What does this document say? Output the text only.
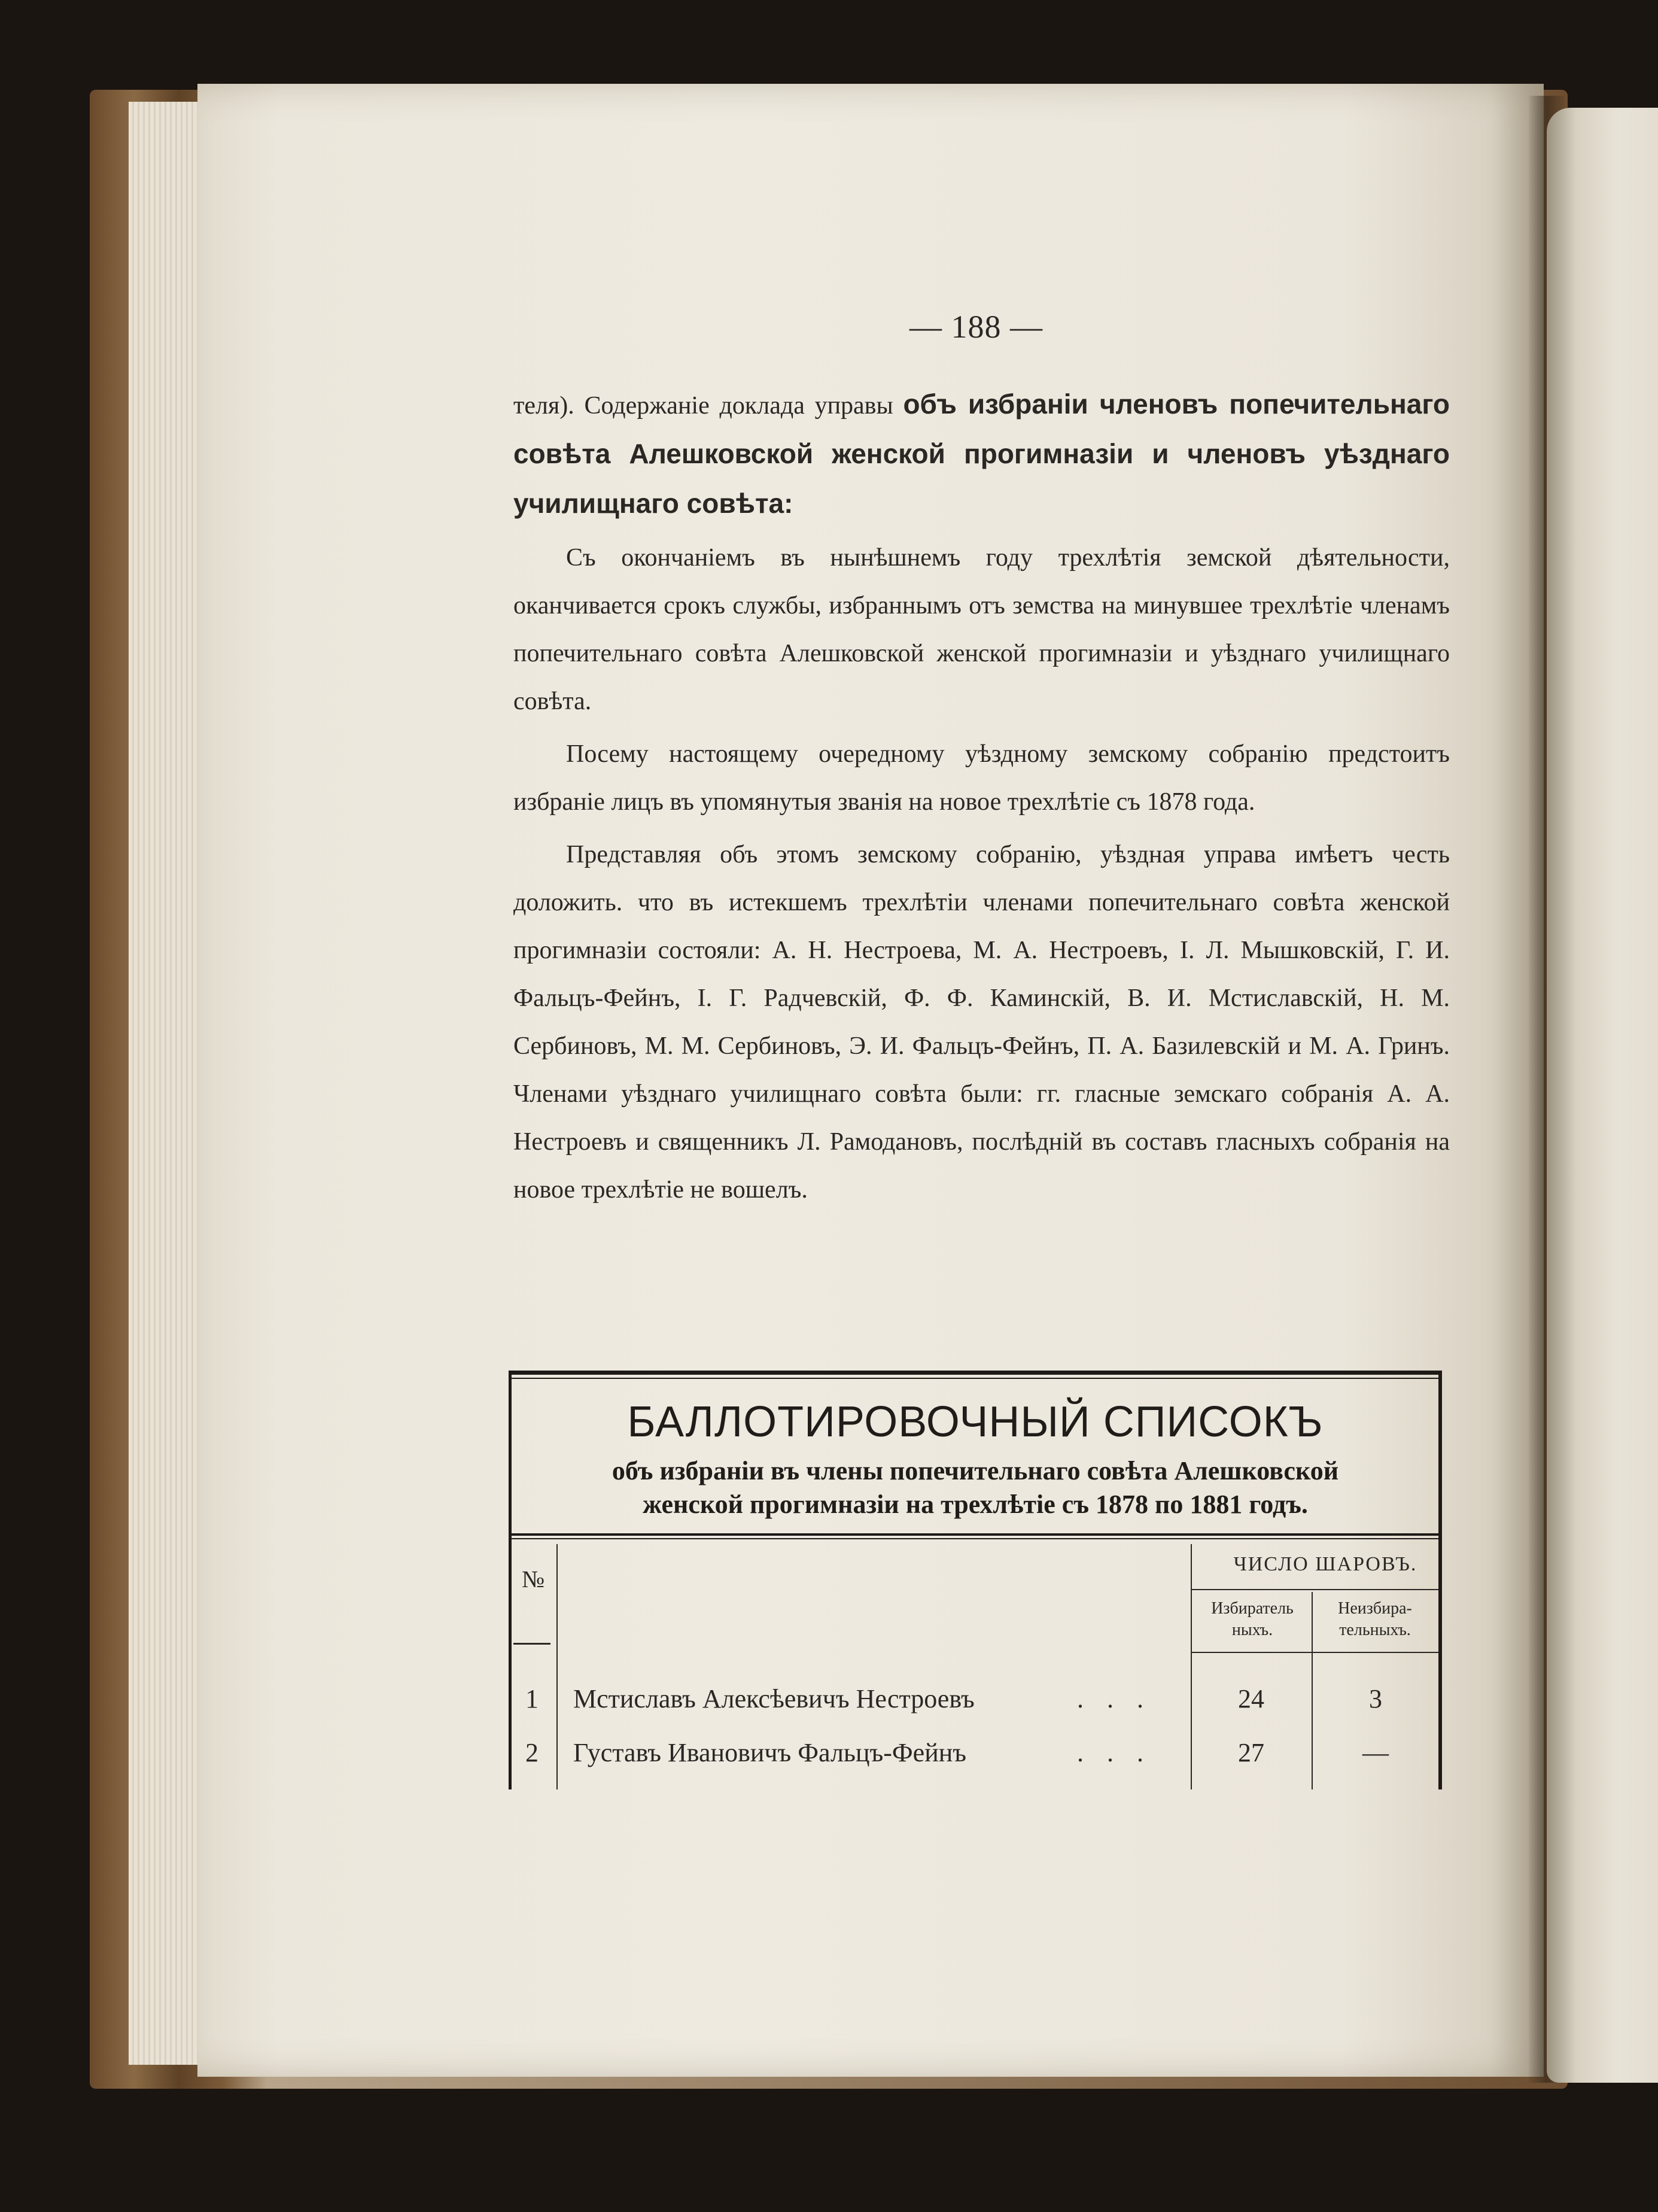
— 188 —

теля). Содержаніе доклада управы объ избраніи членовъ попечительнаго совѣта Алешковской женской прогимназіи и членовъ уѣзднаго училищнаго совѣта:

Съ окончаніемъ въ нынѣшнемъ году трехлѣтія земской дѣятельности, оканчивается срокъ службы, избраннымъ отъ земства на минувшее трехлѣтіе членамъ попечительнаго совѣта Алешковской женской прогимназіи и уѣзднаго училищнаго совѣта.

Посему настоящему очередному уѣздному земскому собранію предстоитъ избраніе лицъ въ упомянутыя званія на новое трехлѣтіе съ 1878 года.

Представляя объ этомъ земскому собранію, уѣздная управа имѣетъ честь доложить. что въ истекшемъ трехлѣтіи членами попечительнаго совѣта женской прогимназіи состояли: А. Н. Нестроева, М. А. Нестроевъ, І. Л. Мышковскій, Г. И. Фальцъ-Фейнъ, І. Г. Радчевскій, Ф. Ф. Каминскій, В. И. Мстиславскій, Н. М. Сербиновъ, М. М. Сербиновъ, Э. И. Фальцъ-Фейнъ, П. А. Базилевскій и М. А. Гринъ. Членами уѣзднаго училищнаго совѣта были: гг. гласные земскаго собранія А. А. Нестроевъ и священникъ Л. Рамодановъ, послѣдній въ составъ гласныхъ собранія на новое трехлѣтіе не вошелъ.

БАЛЛОТИРОВОЧНЫЙ СПИСОКЪ
объ избраніи въ члены попечительнаго совѣта Алешковской
женской прогимназіи на трехлѣтіе съ 1878 по 1881 годъ.
№
ЧИСЛО ШАРОВЪ.
Избиратель
ныхъ.
Неизбира-
тельныхъ.
1 Мстиславъ Алексѣевичъ Нестроевъ	. . .	24	3
2 Густавъ Ивановичъ Фальцъ-Фейнъ	. . .	27	—
